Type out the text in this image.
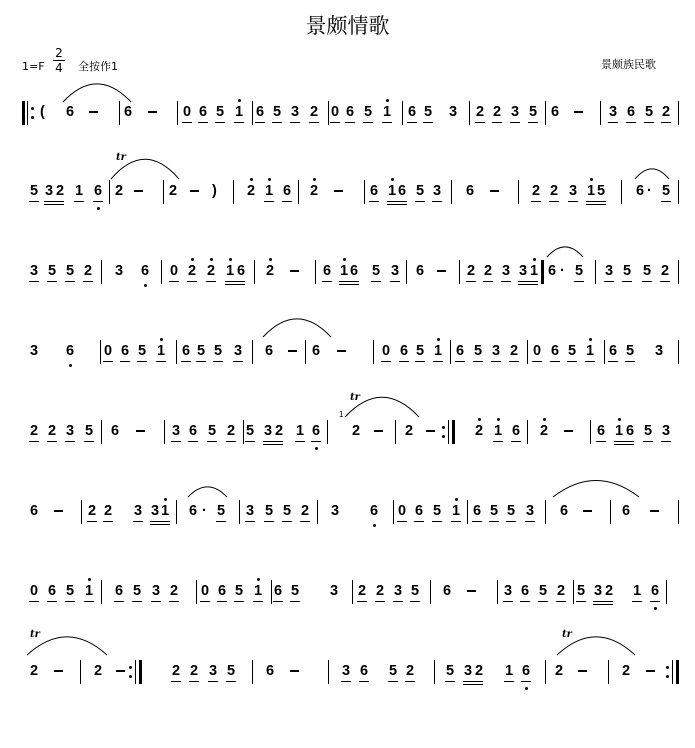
景颇情歌
1=F
2
4 全按作1	景颇族民歌
( 6	6	0 6 5 1 6 5 3 2 0 6 5 1 6 5 3 2 2 3 5 6	3 6 5 2
5 3 2 1 6 2	2 ) 2 1 6 2	6 1 6 5 3 6	2 2 3 1 5 6 · 5
tr
3 5 5 2 3 6 0 2 2 1 6 2	6 1 6 5 3 6	2 2 3 3 1 6 · 5 3 5 5 2
3 6 0 6 5 1 6 5 5 3 6	6	0 6 5 1 6 5 3 2 0 6 5 1 6 5 3
2 2 3 5 6	3 6 5 2 5 3 2 1 6
1
2	2	2 1 6 2	6 1 6 5 3
tr
6	2 2 3 3 1 6 · 5 3 5 5 2 3 6 0 6 5 1 6 5 5 3 6	6
0 6 5 1 6 5 3 2 0 6 5 1 6 5 3 2 2 3 5 6	3 6 5 2 5 3 2 1 6
2	2	2 2 3 5 6	3 6 5 2 5 3 2 1 6 2	2
tr	tr
